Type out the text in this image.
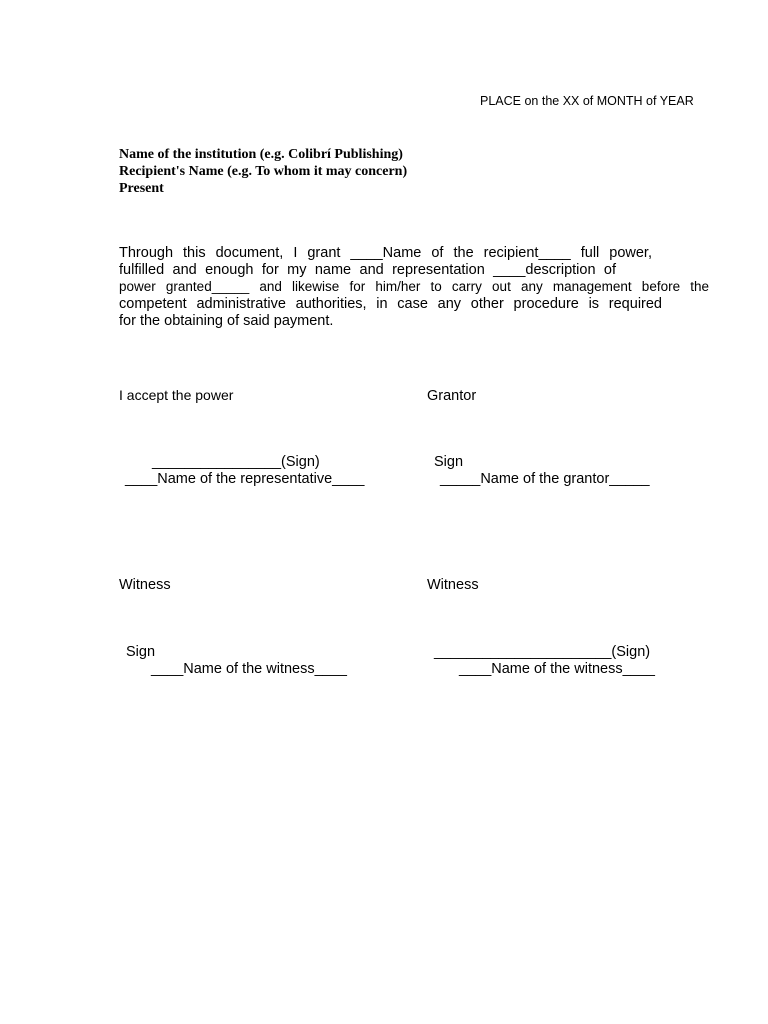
PLACE on the XX of MONTH of YEAR
Name of the institution (e.g. Colibrí Publishing)
Recipient's Name (e.g. To whom it may concern)
Present
Through this document, I grant ____Name of the recipient____ full power,
fulfilled and enough for my name and representation ____description of
power granted_____ and likewise for him/her to carry out any management before the
competent administrative authorities, in case any other procedure is required
for the obtaining of said payment.
I accept the power	Grantor
________________(Sign)
____Name of the representative____
Sign
_____Name of the grantor_____
Witness	Witness
Sign
____Name of the witness____
______________________(Sign)
____Name of the witness____
